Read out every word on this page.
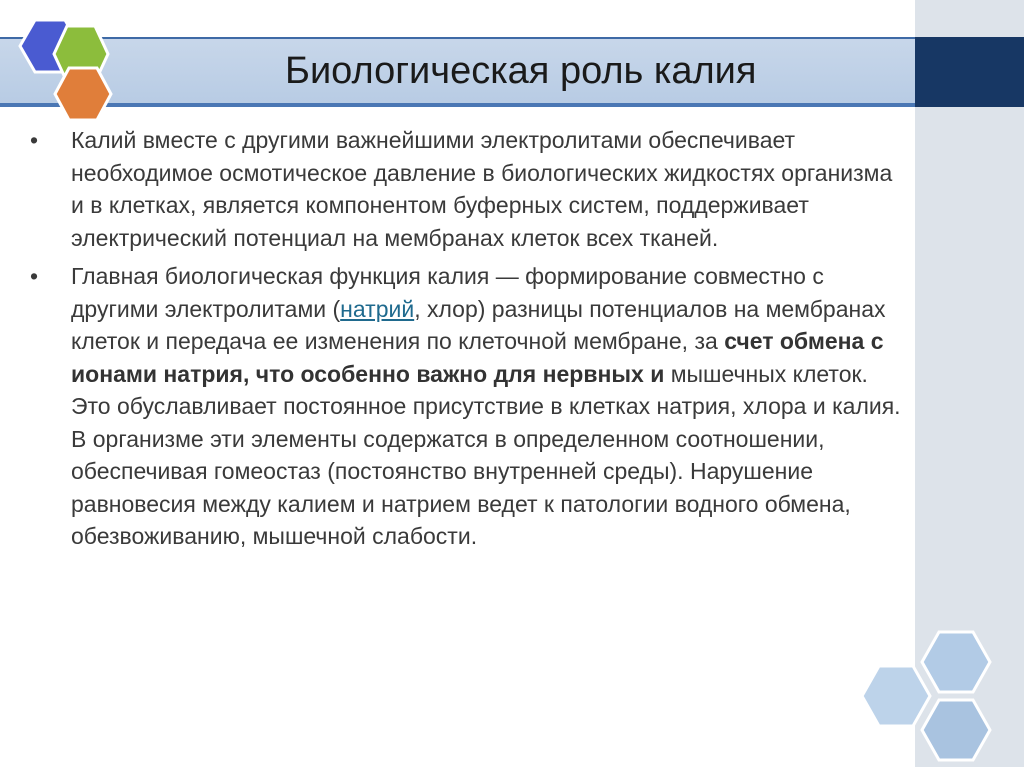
Биологическая роль калия
• Калий вместе с другими важнейшими электролитами обеспечивает необходимое осмотическое давление в биологических жидкостях организма и в клетках, является компонентом буферных систем, поддерживает электрический потенциал на мембранах клеток всех тканей.
• Главная биологическая функция калия — формирование совместно с другими электролитами (натрий, хлор) разницы потенциалов на мембранах клеток и передача ее изменения по клеточной мембране, за счет обмена с ионами натрия, что особенно важно для нервных и мышечных клеток. Это обуславливает постоянное присутствие в клетках натрия, хлора и калия. В организме эти элементы содержатся в определенном соотношении, обеспечивая гомеостаз (постоянство внутренней среды). Нарушение равновесия между калием и натрием ведет к патологии водного обмена, обезвоживанию, мышечной слабости.
